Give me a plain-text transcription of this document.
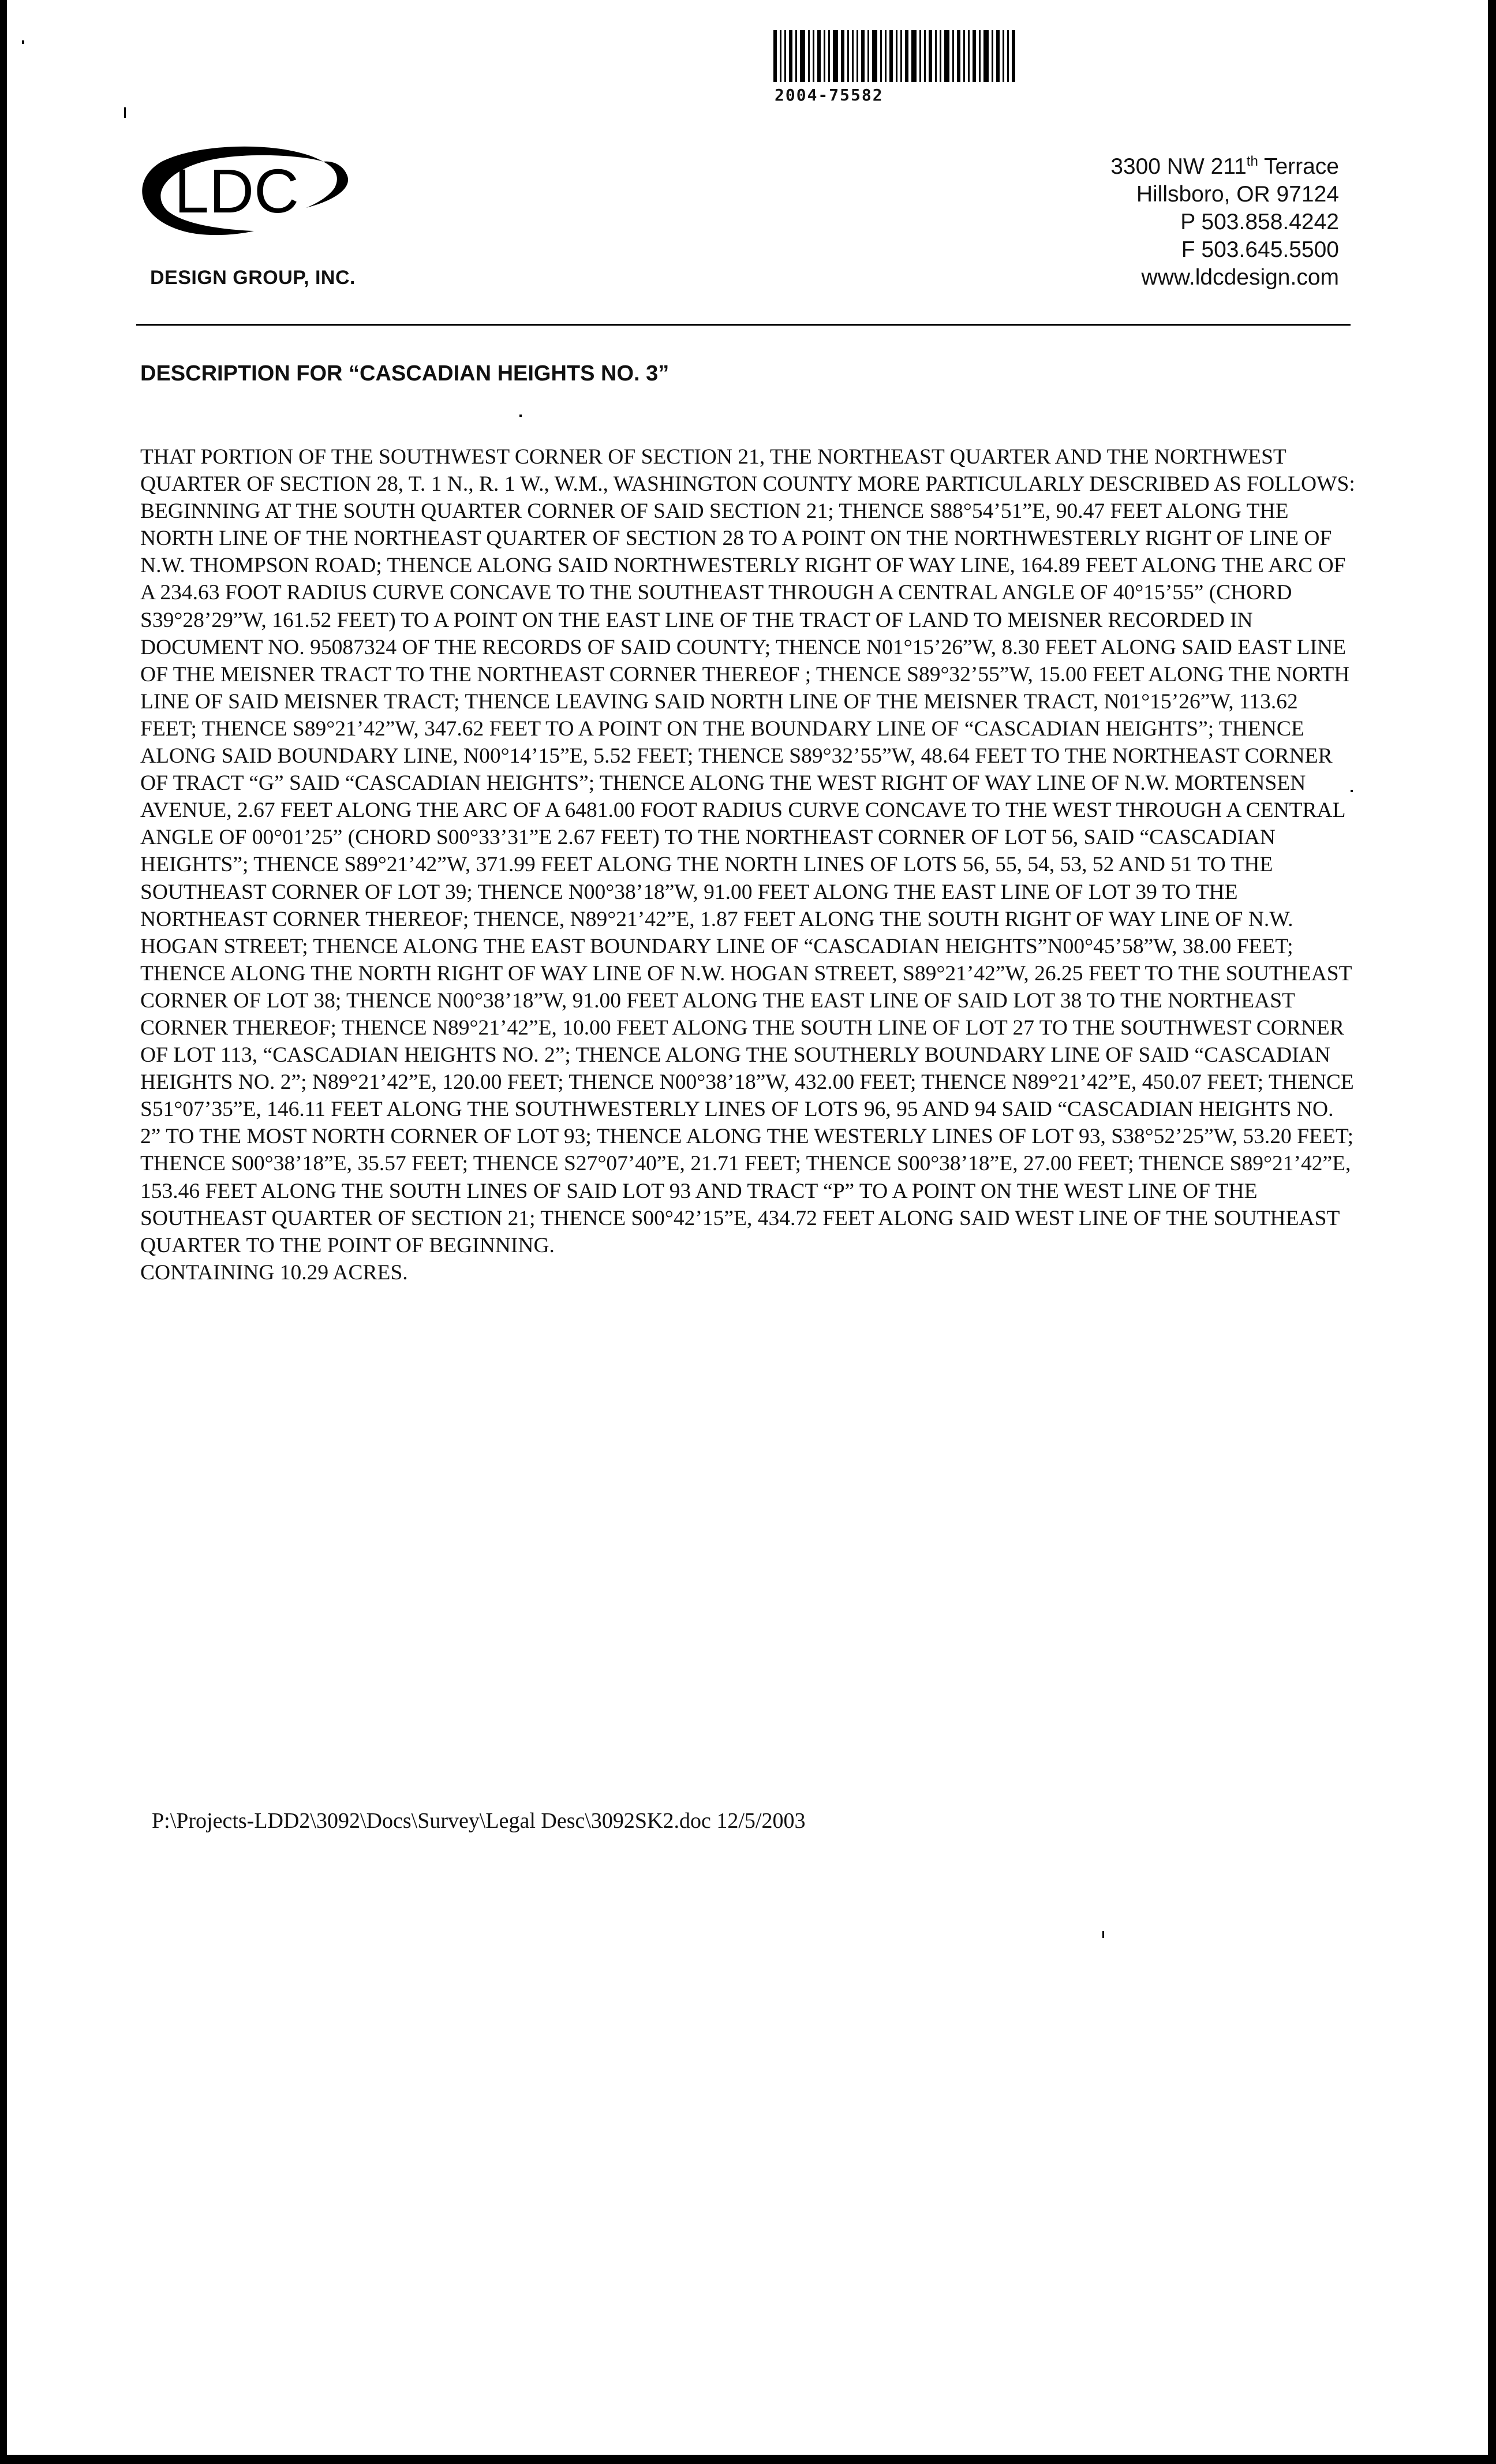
2004-75582
LDC
DESIGN GROUP, INC.
3300 NW 211th Terrace
Hillsboro, OR 97124
P 503.858.4242
F 503.645.5500
www.ldcdesign.com
DESCRIPTION FOR “CASCADIAN HEIGHTS NO. 3”

THAT PORTION OF THE SOUTHWEST CORNER OF SECTION 21, THE NORTHEAST QUARTER AND THE NORTHWEST QUARTER OF SECTION 28, T. 1 N., R. 1 W., W.M., WASHINGTON COUNTY MORE PARTICULARLY DESCRIBED AS FOLLOWS:

BEGINNING AT THE SOUTH QUARTER CORNER OF SAID SECTION 21; THENCE S88°54’51”E, 90.47 FEET ALONG THE NORTH LINE OF THE NORTHEAST QUARTER OF SECTION 28 TO A POINT ON THE NORTHWESTERLY RIGHT OF LINE OF N.W. THOMPSON ROAD; THENCE ALONG SAID NORTHWESTERLY RIGHT OF WAY LINE, 164.89 FEET ALONG THE ARC OF A 234.63 FOOT RADIUS CURVE CONCAVE TO THE SOUTHEAST THROUGH A CENTRAL ANGLE OF 40°15’55” (CHORD S39°28’29”W, 161.52 FEET) TO A POINT ON THE EAST LINE OF THE TRACT OF LAND TO MEISNER RECORDED IN DOCUMENT NO. 95087324 OF THE RECORDS OF SAID COUNTY; THENCE N01°15’26”W, 8.30 FEET ALONG SAID EAST LINE OF THE MEISNER TRACT TO THE NORTHEAST CORNER THEREOF ; THENCE S89°32’55”W, 15.00 FEET ALONG THE NORTH LINE OF SAID MEISNER TRACT; THENCE LEAVING SAID NORTH LINE OF THE MEISNER TRACT, N01°15’26”W, 113.62 FEET; THENCE S89°21’42”W, 347.62 FEET TO A POINT ON THE BOUNDARY LINE OF “CASCADIAN HEIGHTS”; THENCE ALONG SAID BOUNDARY LINE, N00°14’15”E, 5.52 FEET; THENCE S89°32’55”W, 48.64 FEET TO THE NORTHEAST CORNER OF TRACT “G” SAID “CASCADIAN HEIGHTS”; THENCE ALONG THE WEST RIGHT OF WAY LINE OF N.W. MORTENSEN AVENUE, 2.67 FEET ALONG THE ARC OF A 6481.00 FOOT RADIUS CURVE CONCAVE TO THE WEST THROUGH A CENTRAL ANGLE OF 00°01’25” (CHORD S00°33’31”E 2.67 FEET) TO THE NORTHEAST CORNER OF LOT 56, SAID “CASCADIAN HEIGHTS”; THENCE S89°21’42”W, 371.99 FEET ALONG THE NORTH LINES OF LOTS 56, 55, 54, 53, 52 AND 51 TO THE SOUTHEAST CORNER OF LOT 39; THENCE N00°38’18”W, 91.00 FEET ALONG THE EAST LINE OF LOT 39 TO THE NORTHEAST CORNER THEREOF; THENCE, N89°21’42”E, 1.87 FEET ALONG THE SOUTH RIGHT OF WAY LINE OF N.W. HOGAN STREET; THENCE ALONG THE EAST BOUNDARY LINE OF “CASCADIAN HEIGHTS”N00°45’58”W, 38.00 FEET; THENCE ALONG THE NORTH RIGHT OF WAY LINE OF N.W. HOGAN STREET, S89°21’42”W, 26.25 FEET TO THE SOUTHEAST CORNER OF LOT 38; THENCE N00°38’18”W, 91.00 FEET ALONG THE EAST LINE OF SAID LOT 38 TO THE NORTHEAST CORNER THEREOF; THENCE N89°21’42”E, 10.00 FEET ALONG THE SOUTH LINE OF LOT 27 TO THE SOUTHWEST CORNER OF LOT 113, “CASCADIAN HEIGHTS NO. 2”; THENCE ALONG THE SOUTHERLY BOUNDARY LINE OF SAID “CASCADIAN HEIGHTS NO. 2”; N89°21’42”E, 120.00 FEET; THENCE N00°38’18”W, 432.00 FEET; THENCE N89°21’42”E, 450.07 FEET; THENCE S51°07’35”E, 146.11 FEET ALONG THE SOUTHWESTERLY LINES OF LOTS 96, 95 AND 94 SAID “CASCADIAN HEIGHTS NO. 2” TO THE MOST NORTH CORNER OF LOT 93; THENCE ALONG THE WESTERLY LINES OF LOT 93, S38°52’25”W, 53.20 FEET; THENCE S00°38’18”E, 35.57 FEET; THENCE S27°07’40”E, 21.71 FEET; THENCE S00°38’18”E, 27.00 FEET; THENCE S89°21’42”E, 153.46 FEET ALONG THE SOUTH LINES OF SAID LOT 93 AND TRACT “P” TO A POINT ON THE WEST LINE OF THE SOUTHEAST QUARTER OF SECTION 21; THENCE S00°42’15”E, 434.72 FEET ALONG SAID WEST LINE OF THE SOUTHEAST QUARTER TO THE POINT OF BEGINNING.

CONTAINING 10.29 ACRES.

P:\Projects-LDD2\3092\Docs\Survey\Legal Desc\3092SK2.doc 12/5/2003
